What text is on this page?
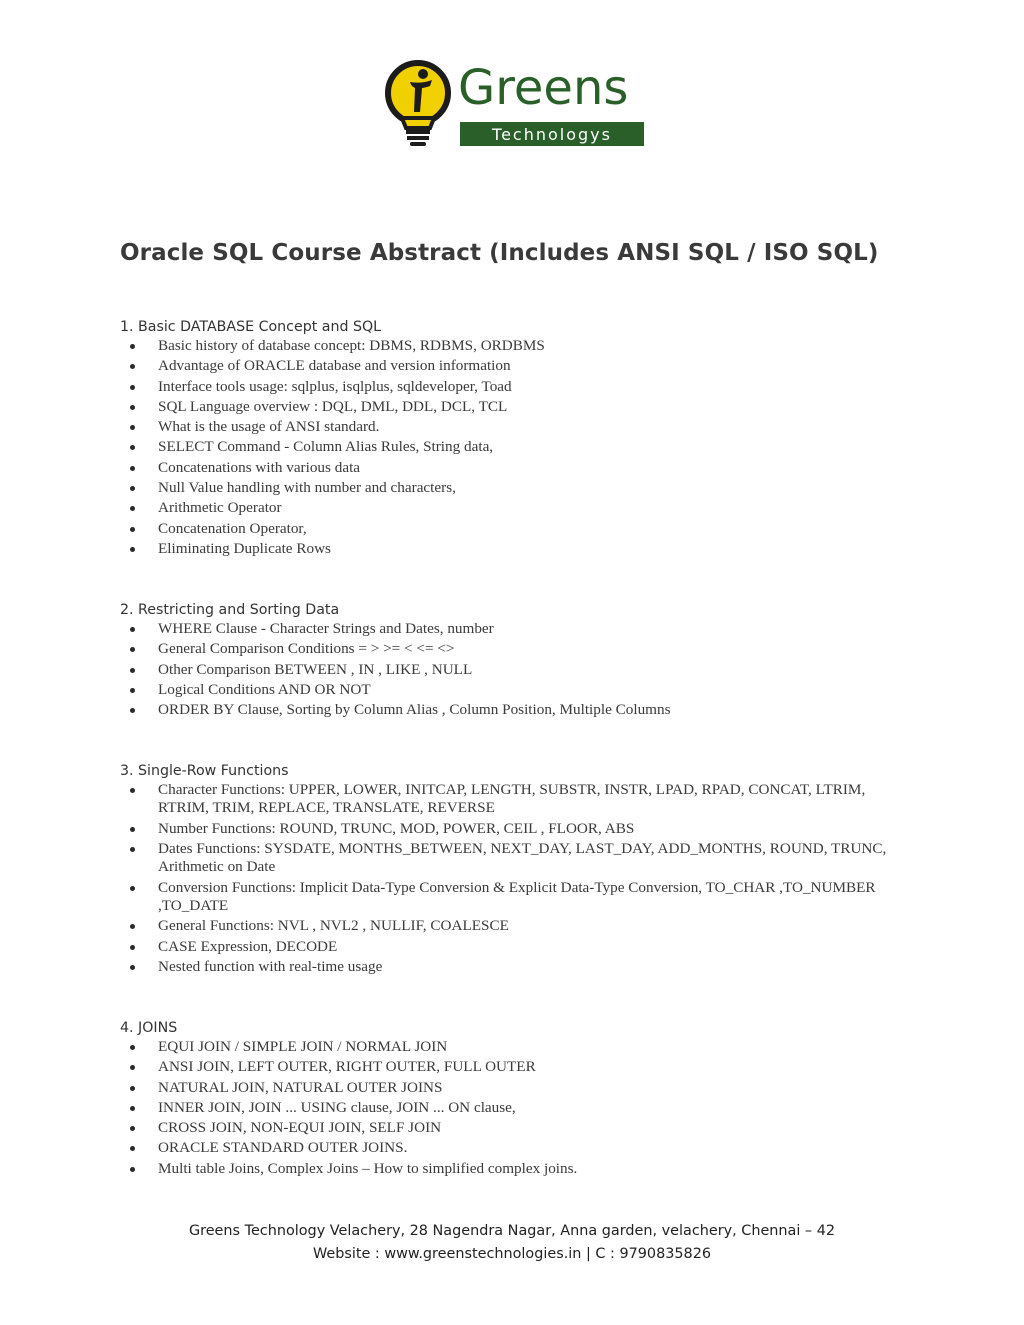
Greens
Technologys
Oracle SQL Course Abstract (Includes ANSI SQL / ISO SQL)
1. Basic DATABASE Concept and SQL
Basic history of database concept: DBMS, RDBMS, ORDBMS
Advantage of ORACLE database and version information
Interface tools usage: sqlplus, isqlplus, sqldeveloper, Toad
SQL Language overview : DQL, DML, DDL, DCL, TCL
What is the usage of ANSI standard.
SELECT Command - Column Alias Rules, String data,
Concatenations with various data
Null Value handling with number and characters,
Arithmetic Operator
Concatenation Operator,
Eliminating Duplicate Rows
2. Restricting and Sorting Data
WHERE Clause - Character Strings and Dates, number
General Comparison Conditions = > >= < <= <>
Other Comparison BETWEEN , IN , LIKE , NULL
Logical Conditions AND OR NOT
ORDER BY Clause, Sorting by Column Alias , Column Position, Multiple Columns
3. Single-Row Functions
Character Functions: UPPER, LOWER, INITCAP, LENGTH, SUBSTR, INSTR, LPAD, RPAD, CONCAT, LTRIM, RTRIM, TRIM, REPLACE, TRANSLATE, REVERSE
Number Functions: ROUND, TRUNC, MOD, POWER, CEIL , FLOOR, ABS
Dates Functions: SYSDATE, MONTHS_BETWEEN, NEXT_DAY, LAST_DAY, ADD_MONTHS, ROUND, TRUNC, Arithmetic on Date
Conversion Functions: Implicit Data-Type Conversion & Explicit Data-Type Conversion, TO_CHAR ,TO_NUMBER ,TO_DATE
General Functions: NVL , NVL2 , NULLIF, COALESCE
CASE Expression, DECODE
Nested function with real-time usage
4. JOINS
EQUI JOIN / SIMPLE JOIN / NORMAL JOIN
ANSI JOIN, LEFT OUTER, RIGHT OUTER, FULL OUTER
NATURAL JOIN, NATURAL OUTER JOINS
INNER JOIN, JOIN ... USING clause, JOIN ... ON clause,
CROSS JOIN, NON-EQUI JOIN, SELF JOIN
ORACLE STANDARD OUTER JOINS.
Multi table Joins, Complex Joins – How to simplified complex joins.
Greens Technology Velachery, 28 Nagendra Nagar, Anna garden, velachery, Chennai – 42
Website : www.greenstechnologies.in | C : 9790835826
